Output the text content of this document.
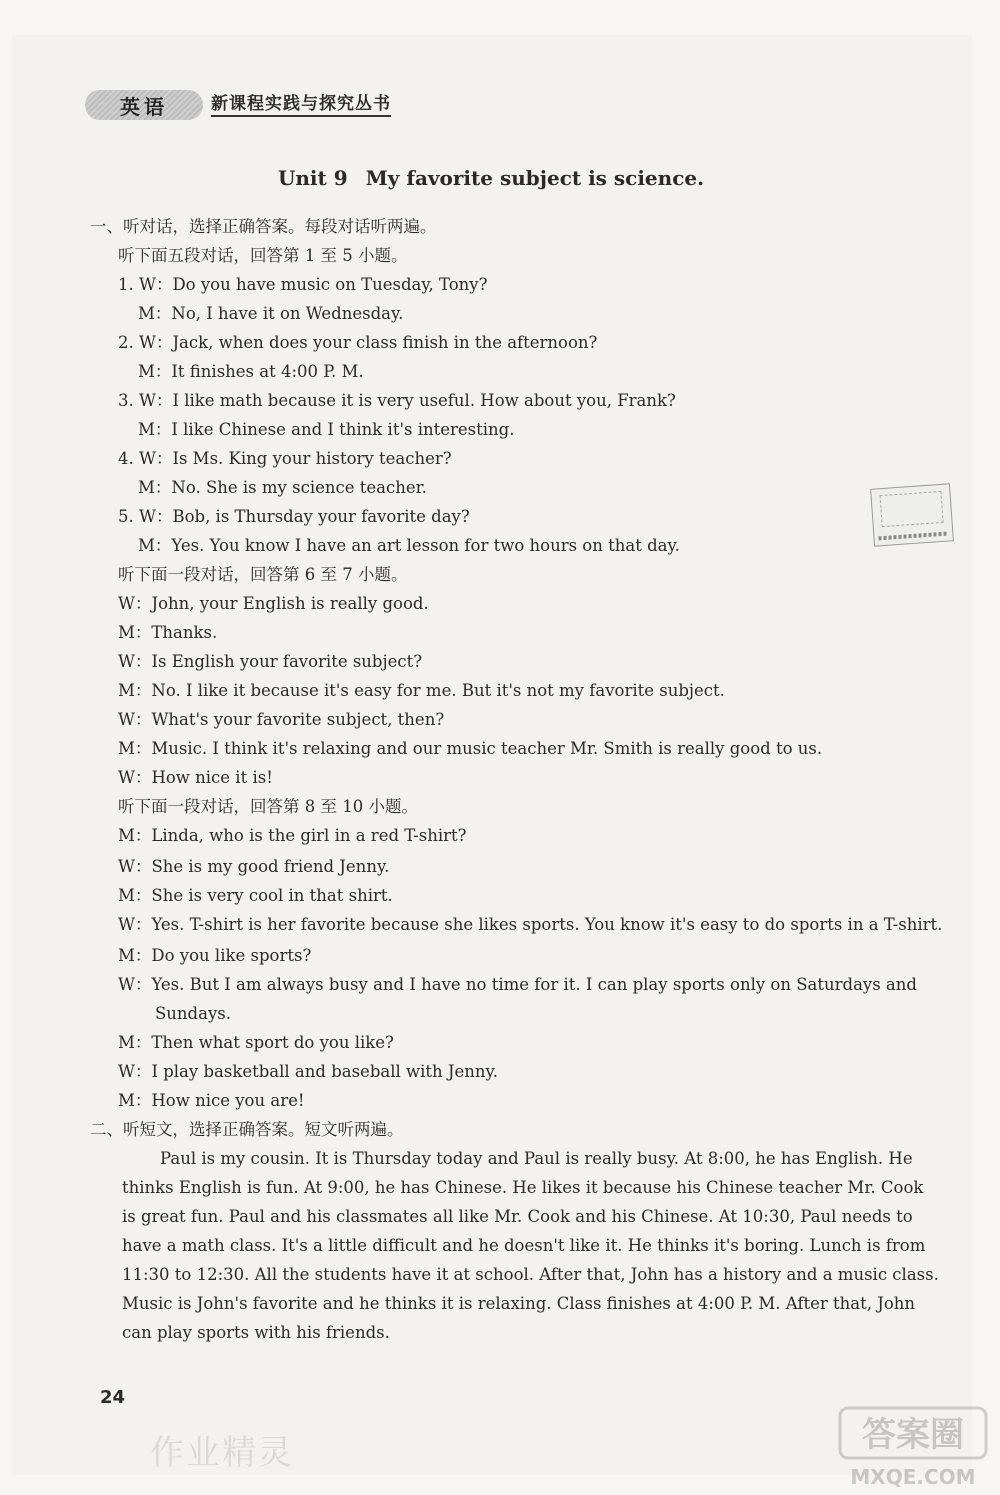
英语	新课程实践与探究丛书
Unit 9 My favorite subject is science.
一、听对话，选择正确答案。每段对话听两遍。
听下面五段对话，回答第 1 至 5 小题。
1. W：Do you have music on Tuesday, Tony?
M：No, I have it on Wednesday.
2. W：Jack, when does your class finish in the afternoon?
M：It finishes at 4:00 P. M.
3. W：I like math because it is very useful. How about you, Frank?
M：I like Chinese and I think it's interesting.
4. W：Is Ms. King your history teacher?
M：No. She is my science teacher.
5. W：Bob, is Thursday your favorite day?
M：Yes. You know I have an art lesson for two hours on that day.
听下面一段对话，回答第 6 至 7 小题。
W：John, your English is really good.
M：Thanks.
W：Is English your favorite subject?
M：No. I like it because it's easy for me. But it's not my favorite subject.
W：What's your favorite subject, then?
M：Music. I think it's relaxing and our music teacher Mr. Smith is really good to us.
W：How nice it is!
听下面一段对话，回答第 8 至 10 小题。
M：Linda, who is the girl in a red T-shirt?
W：She is my good friend Jenny.
M：She is very cool in that shirt.
W：Yes. T-shirt is her favorite because she likes sports. You know it's easy to do sports in a T-shirt.
M：Do you like sports?
W：Yes. But I am always busy and I have no time for it. I can play sports only on Saturdays and
Sundays.
M：Then what sport do you like?
W：I play basketball and baseball with Jenny.
M：How nice you are!
二、听短文，选择正确答案。短文听两遍。
Paul is my cousin. It is Thursday today and Paul is really busy. At 8:00, he has English. He
thinks English is fun. At 9:00, he has Chinese. He likes it because his Chinese teacher Mr. Cook
is great fun. Paul and his classmates all like Mr. Cook and his Chinese. At 10:30, Paul needs to
have a math class. It's a little difficult and he doesn't like it. He thinks it's boring. Lunch is from
11:30 to 12:30. All the students have it at school. After that, John has a history and a music class.
Music is John's favorite and he thinks it is relaxing. Class finishes at 4:00 P. M. After that, John
can play sports with his friends.
24
作业精灵	答案圈
MXQE.COM
